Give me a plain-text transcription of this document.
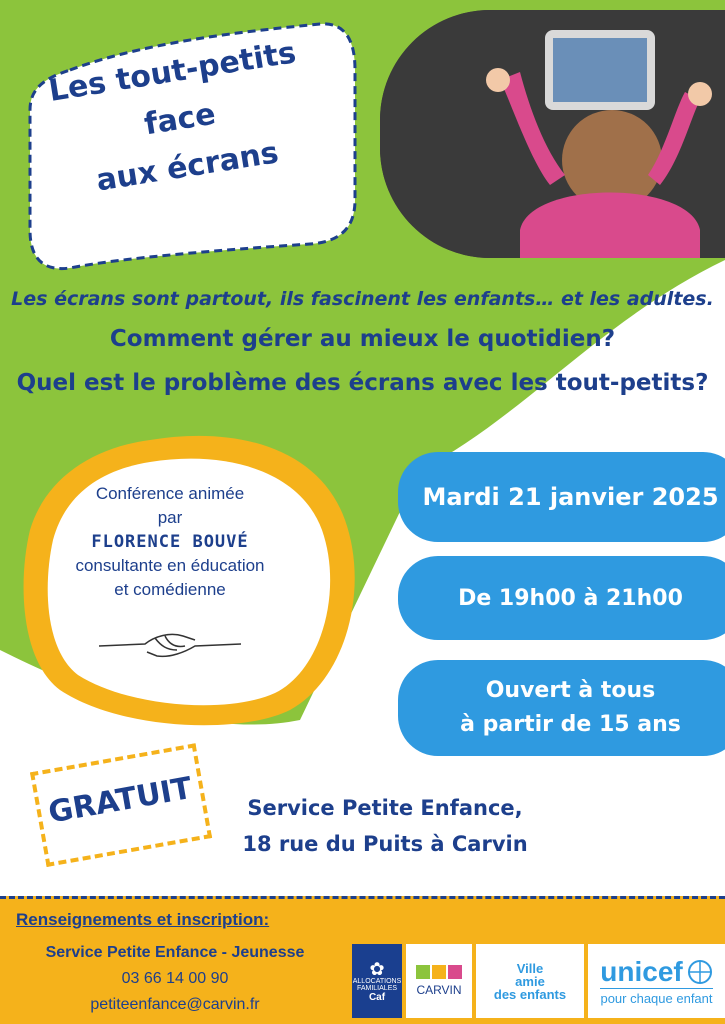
Les tout-petits
face
aux écrans
Les écrans sont partout, ils fascinent les enfants… et les adultes.
Comment gérer au mieux le quotidien?
Quel est le problème des écrans avec les tout-petits?
Conférence animée
par
FLORENCE BOUVÉ
consultante en éducation
et comédienne
Mardi 21 janvier 2025
De 19h00 à 21h00
Ouvert à tous
à partir de 15 ans
GRATUIT	Service Petite Enfance,
18 rue du Puits à Carvin
Renseignements et inscription:
Service Petite Enfance - Jeunesse
03 66 14 00 90
petiteenfance@carvin.fr
✿
ALLOCATIONS FAMILIALES
Caf	CARVIN
Ville
amie
des enfants
unicef
pour chaque enfant
